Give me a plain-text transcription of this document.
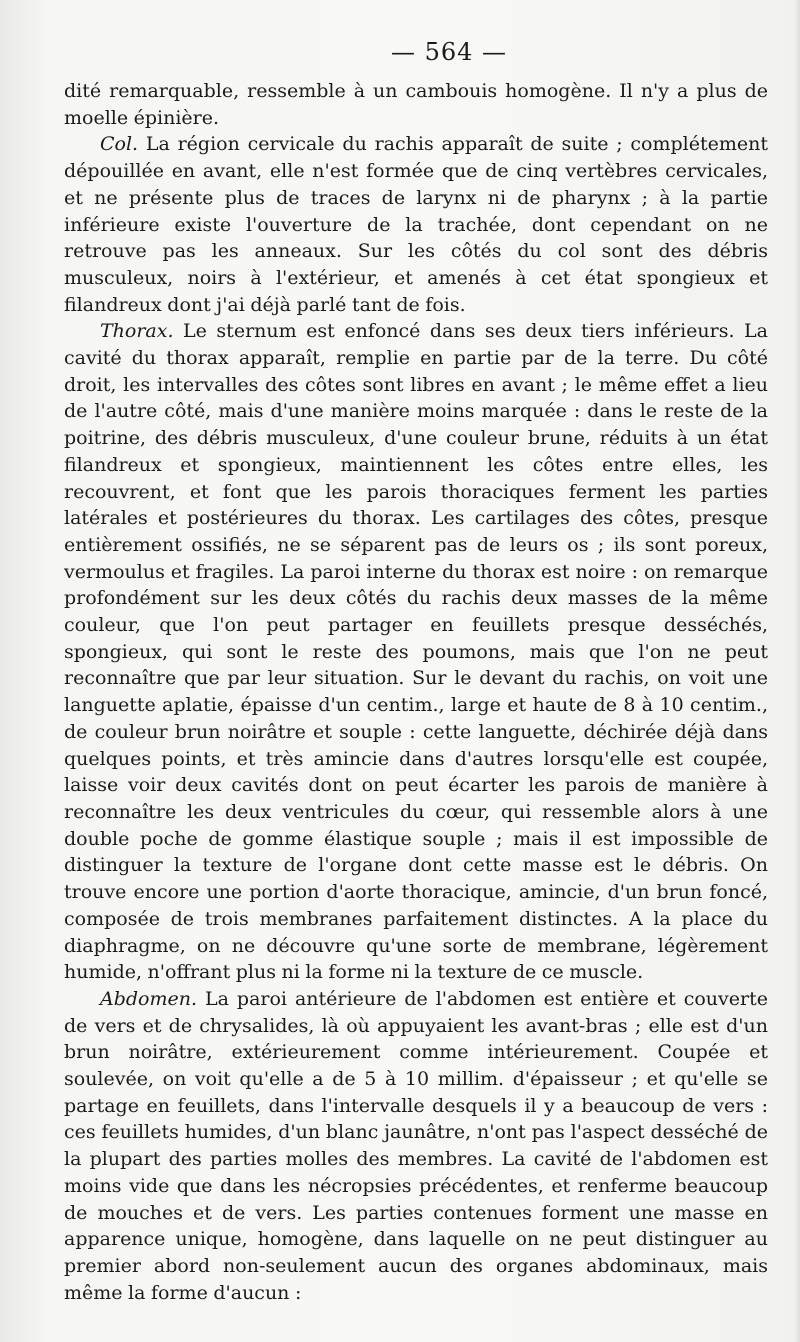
— 564 —

dité remarquable, ressemble à un cambouis homogène. Il n'y a plus de moelle épinière.

Col. La région cervicale du rachis apparaît de suite ; complétement dépouillée en avant, elle n'est formée que de cinq vertèbres cervicales, et ne présente plus de traces de larynx ni de pharynx ; à la partie inférieure existe l'ouverture de la trachée, dont cependant on ne retrouve pas les anneaux. Sur les côtés du col sont des débris musculeux, noirs à l'extérieur, et amenés à cet état spongieux et filandreux dont j'ai déjà parlé tant de fois.

Thorax. Le sternum est enfoncé dans ses deux tiers inférieurs. La cavité du thorax apparaît, remplie en partie par de la terre. Du côté droit, les intervalles des côtes sont libres en avant ; le même effet a lieu de l'autre côté, mais d'une manière moins marquée : dans le reste de la poitrine, des débris musculeux, d'une couleur brune, réduits à un état filandreux et spongieux, maintiennent les côtes entre elles, les recouvrent, et font que les parois thoraciques ferment les parties latérales et postérieures du thorax. Les cartilages des côtes, presque entièrement ossifiés, ne se séparent pas de leurs os ; ils sont poreux, vermoulus et fragiles. La paroi interne du thorax est noire : on remarque profondément sur les deux côtés du rachis deux masses de la même couleur, que l'on peut partager en feuillets presque desséchés, spongieux, qui sont le reste des poumons, mais que l'on ne peut reconnaître que par leur situation. Sur le devant du rachis, on voit une languette aplatie, épaisse d'un centim., large et haute de 8 à 10 centim., de couleur brun noirâtre et souple : cette languette, déchirée déjà dans quelques points, et très amincie dans d'autres lorsqu'elle est coupée, laisse voir deux cavités dont on peut écarter les parois de manière à reconnaître les deux ventricules du cœur, qui ressemble alors à une double poche de gomme élastique souple ; mais il est impossible de distinguer la texture de l'organe dont cette masse est le débris. On trouve encore une portion d'aorte thoracique, amincie, d'un brun foncé, composée de trois membranes parfaitement distinctes. A la place du diaphragme, on ne découvre qu'une sorte de membrane, légèrement humide, n'offrant plus ni la forme ni la texture de ce muscle.

Abdomen. La paroi antérieure de l'abdomen est entière et couverte de vers et de chrysalides, là où appuyaient les avant-bras ; elle est d'un brun noirâtre, extérieurement comme intérieurement. Coupée et soulevée, on voit qu'elle a de 5 à 10 millim. d'épaisseur ; et qu'elle se partage en feuillets, dans l'intervalle desquels il y a beaucoup de vers : ces feuillets humides, d'un blanc jaunâtre, n'ont pas l'aspect desséché de la plupart des parties molles des membres. La cavité de l'abdomen est moins vide que dans les nécropsies précédentes, et renferme beaucoup de mouches et de vers. Les parties contenues forment une masse en apparence unique, homogène, dans laquelle on ne peut distinguer au premier abord non-seulement aucun des organes abdominaux, mais même la forme d'aucun :
